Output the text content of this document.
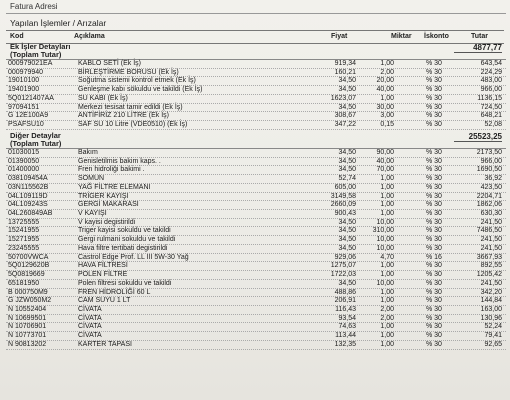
Fatura Adresi
Yapılan İşlemler / Arızalar
Kod	Açıklama	Fiyat	Miktar İskonto	Tutar
Ek İşler Detayları
(Toplam Tutar)
4877,77
000979021EA	KABLO SETİ (Ek İş)	919,34	1,00	% 30	643,54
000979940	BİRLEŞTİRME BORUSU (Ek İş)	160,21	2,00	% 30	224,29
19010100	Soğutma sistemi kontrol etmek (Ek İş)	34,50	20,00	% 30	483,00
19401900	Genleşme kabı sökuldu ve takildi (Ek İş)	34,50	40,00	% 30	966,00
5Q0121407AA	SU KABI (Ek İş)	1623,07	1,00	% 30	1136,15
97094151	Merkezi tesisat tamir edildi (Ek İş)	34,50	30,00	% 30	724,50
G 12E100A9	ANTİFİRİZ 210 LİTRE (Ek İş)	308,67	3,00	% 30	648,21
PSAFSU10	SAF SU 10 Litre (VDE0510) (Ek İş)	347,22	0,15	% 30	52,08
Diğer Detaylar
(Toplam Tutar)
25523,25
01030015	Bakım	34,50	90,00	% 30	2173,50
01390050	Genisletilmis bakim kaps. .	34,50	40,00	% 30	966,00
01400000	Fren hidroliği bakimi .	34,50	70,00	% 30	1690,50
038109454A	SOMUN	52,74	1,00	% 30	36,92
03N115562B	YAĞ FİLTRE ELEMANI	605,00	1,00	% 30	423,50
04L109119D	TRİGER KAYIŞI	3149,58	1,00	% 30	2204,71
04L109243S	GERGİ MAKARASI	2660,09	1,00	% 30	1862,06
04L260849AB	V KAYIŞI	900,43	1,00	% 30	630,30
13725555	V kayisi degistirildi	34,50	10,00	% 30	241,50
15241955	Triger kayisi sokuldu ve takildi	34,50 310,00	% 30	7486,50
15271955	Gergi rulmani sokuldu ve takildi	34,50	10,00	% 30	241,50
23245555	Hava filtre tertibati degistirildi	34,50	10,00	% 30	241,50
50700VWCA	Castrol Edge Prof. LL III 5W-30 Yağ	929,06	4,70	% 16	3667,93
5Q0129620B	HAVA FİLTRESİ	1275,07	1,00	% 30	892,55
5Q0819669	POLEN FİLTRE	1722,03	1,00	% 30	1205,42
65181950	Polen filtresi sokuldu ve takildi	34,50	10,00	% 30	241,50
B 000750M9	FREN HİDROLİĞİ 60 L	488,86	1,00	% 30	342,20
G JZW050M2	CAM SUYU 1 LT	206,91	1,00	% 30	144,84
N 10552404	CİVATA	116,43	2,00	% 30	163,00
N 10699501	CİVATA	93,54	2,00	% 30	130,96
N 10706901	CİVATA	74,63	1,00	% 30	52,24
N 10773701	CİVATA	113,44	1,00	% 30	79,41
N 90813202	KARTER TAPASI	132,35	1,00	% 30	92,65
